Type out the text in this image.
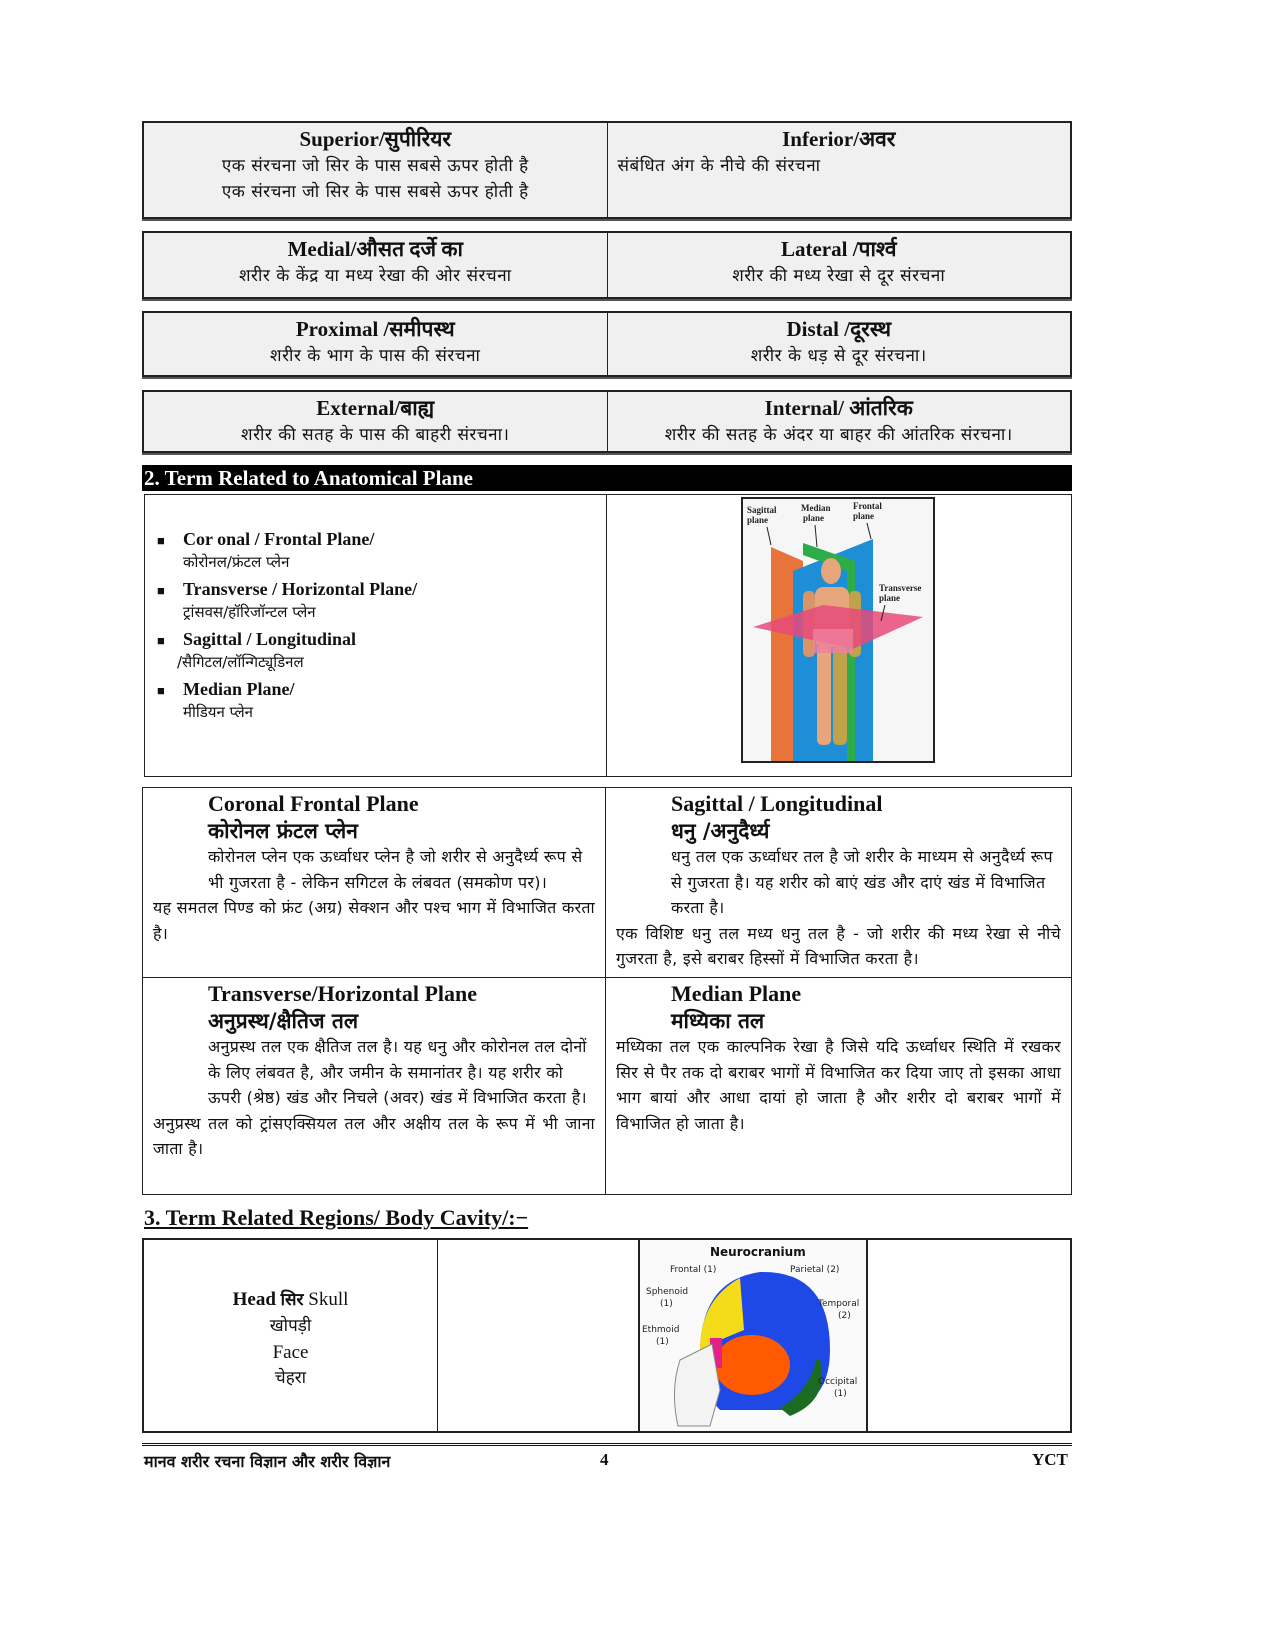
Superior/सुपीरियर
एक संरचना जो सिर के पास सबसे ऊपर होती है
एक संरचना जो सिर के पास सबसे ऊपर होती है
Inferior/अवर
संबंधित अंग के नीचे की संरचना
Medial/औसत दर्जे का
शरीर के केंद्र या मध्य रेखा की ओर संरचना
Lateral /पार्श्व
शरीर की मध्य रेखा से दूर संरचना
Proximal /समीपस्थ
शरीर के भाग के पास की संरचना
Distal /दूरस्थ
शरीर के धड़ से दूर संरचना।
External/बाह्य
शरीर की सतह के पास की बाहरी संरचना।
Internal/ आंतरिक
शरीर की सतह के अंदर या बाहर की आंतरिक संरचना।
2. Term Related to Anatomical Plane
■	Cor onal / Frontal Plane/
कोरोनल/फ्रंटल प्लेन
■	Transverse / Horizontal Plane/
ट्रांसवस/हॉरिजॉन्टल प्लेन
■	Sagittal / Longitudinal
/सैगिटल/लॉन्गिट्यूडिनल
■	Median Plane/
मीडियन प्लेन
Sagittal
plane
Median
plane
Frontal
plane
Transverse
plane
Coronal Frontal Plane
कोरोनल फ्रंटल प्लेन
कोरोनल प्लेन एक ऊर्ध्वाधर प्लेन है जो शरीर से अनुदैर्ध्य रूप से भी गुजरता है - लेकिन सगिटल के लंबवत (समकोण पर)।
यह समतल पिण्ड को फ्रंट (अग्र) सेक्शन और पश्च भाग में विभाजित करता है।
Sagittal / Longitudinal
धनु /अनुदैर्ध्य
धनु तल एक ऊर्ध्वाधर तल है जो शरीर के माध्यम से अनुदैर्ध्य रूप से गुजरता है। यह शरीर को बाएं खंड और दाएं खंड में विभाजित करता है।
एक विशिष्ट धनु तल मध्य धनु तल है - जो शरीर की मध्य रेखा से नीचे गुजरता है, इसे बराबर हिस्सों में विभाजित करता है।
Transverse/Horizontal Plane
अनुप्रस्थ/क्षैतिज तल
अनुप्रस्थ तल एक क्षैतिज तल है। यह धनु और कोरोनल तल दोनों के लिए लंबवत है, और जमीन के समानांतर है। यह शरीर को ऊपरी (श्रेष्ठ) खंड और निचले (अवर) खंड में विभाजित करता है।
अनुप्रस्थ तल को ट्रांसएक्सियल तल और अक्षीय तल के रूप में भी जाना जाता है।
Median Plane
मध्यिका तल
मध्यिका तल एक काल्पनिक रेखा है जिसे यदि ऊर्ध्वाधर स्थिति में रखकर सिर से पैर तक दो बराबर भागों में विभाजित कर दिया जाए तो इसका आधा भाग बायां और आधा दायां हो जाता है और शरीर दो बराबर भागों में विभाजित हो जाता है।
3. Term Related Regions/ Body Cavity/:−
Head सिर Skull
खोपड़ी
Face
चेहरा
Neurocranium
Frontal (1)	Parietal (2)
Sphenoid
(1)	Temporal
(2)
Ethmoid
(1)
Occipital
(1)
मानव शरीर रचना विज्ञान और शरीर विज्ञान	4	YCT
